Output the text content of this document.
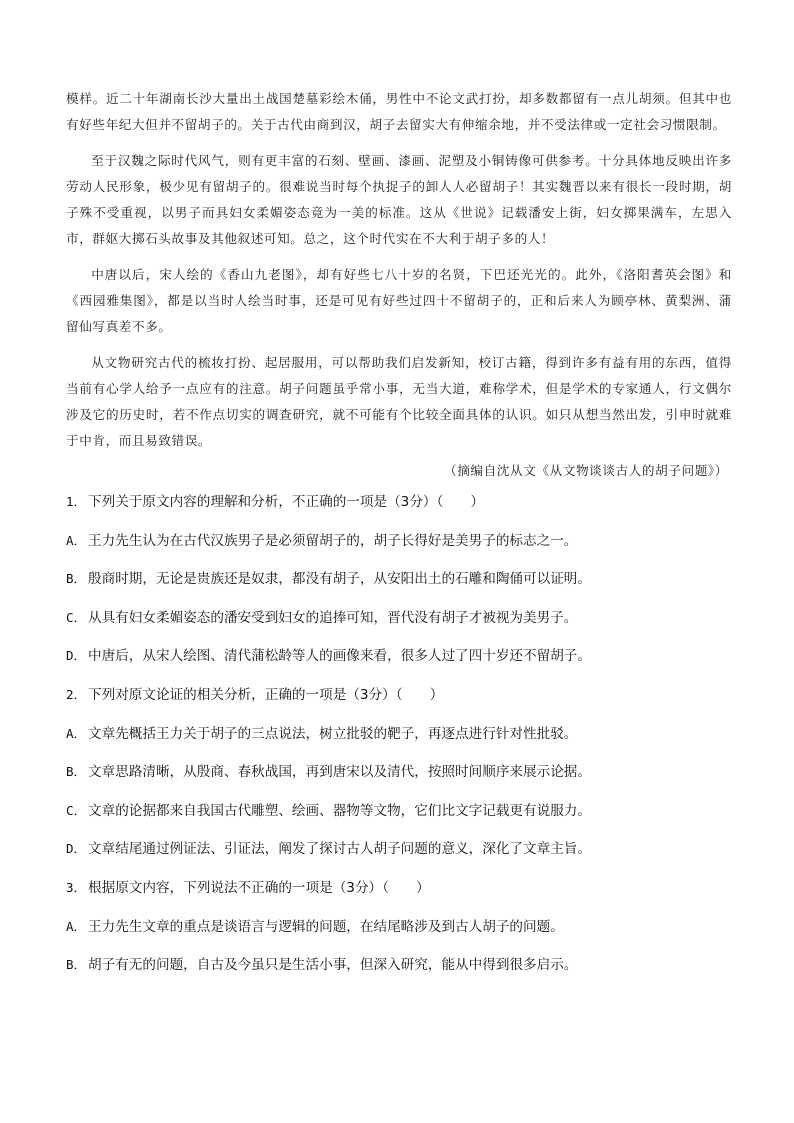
模样。近二十年湖南长沙大量出土战国楚墓彩绘木俑，男性中不论文武打扮，却多数都留有一点儿胡须。但其中也有好些年纪大但并不留胡子的。关于古代由商到汉，胡子去留实大有伸缩余地，并不受法律或一定社会习惯限制。

至于汉魏之际时代风气，则有更丰富的石刻、壁画、漆画、泥塑及小铜铸像可供参考。十分具体地反映出许多劳动人民形象，极少见有留胡子的。很难说当时每个执捉子的卸人人必留胡子！其实魏晋以来有很长一段时期，胡子殊不受重视，以男子而具妇女柔媚姿态竟为一美的标准。这从《世说》记载潘安上街，妇女掷果满车，左思入市，群妪大掷石头故事及其他叙述可知。总之，这个时代实在不大利于胡子多的人！

中唐以后，宋人绘的《香山九老图》，却有好些七八十岁的名贤，下巴还光光的。此外，《洛阳耆英会图》和《西园雅集图》，都是以当时人绘当时事，还是可见有好些过四十不留胡子的，正和后来人为顾亭林、黄梨洲、蒲留仙写真差不多。

从文物研究古代的梳妆打扮、起居服用，可以帮助我们启发新知，校订古籍，得到许多有益有用的东西，值得当前有心学人给予一点应有的注意。胡子问题虽乎常小事，无当大道，难称学术，但是学术的专家通人，行文偶尔涉及它的历史时，若不作点切实的调查研究，就不可能有个比较全面具体的认识。如只从想当然出发，引申时就难于中肯，而且易致错误。

（摘编自沈从文《从文物谈谈古人的胡子问题》）
1． 下列关于原文内容的理解和分析，不正确的一项是（3分）（　　）
A． 王力先生认为在古代汉族男子是必须留胡子的，胡子长得好是美男子的标志之一。
B． 殷商时期，无论是贵族还是奴隶，都没有胡子，从安阳出土的石雕和陶俑可以证明。
C． 从具有妇女柔媚姿态的潘安受到妇女的追捧可知，晋代没有胡子才被视为美男子。
D． 中唐后，从宋人绘图、清代蒲松龄等人的画像来看，很多人过了四十岁还不留胡子。
2． 下列对原文论证的相关分析，正确的一项是（3分）（　　）
A． 文章先概括王力关于胡子的三点说法，树立批驳的靶子，再逐点进行针对性批驳。
B． 文章思路清晰，从殷商、春秋战国，再到唐宋以及清代，按照时间顺序来展示论据。
C． 文章的论据都来自我国古代雕塑、绘画、器物等文物，它们比文字记载更有说服力。
D． 文章结尾通过例证法、引证法，阐发了探讨古人胡子问题的意义，深化了文章主旨。
3． 根据原文内容，下列说法不正确的一项是（3分）（　　）
A． 王力先生文章的重点是谈语言与逻辑的问题，在结尾略涉及到古人胡子的问题。
B． 胡子有无的问题，自古及今虽只是生活小事，但深入研究，能从中得到很多启示。
